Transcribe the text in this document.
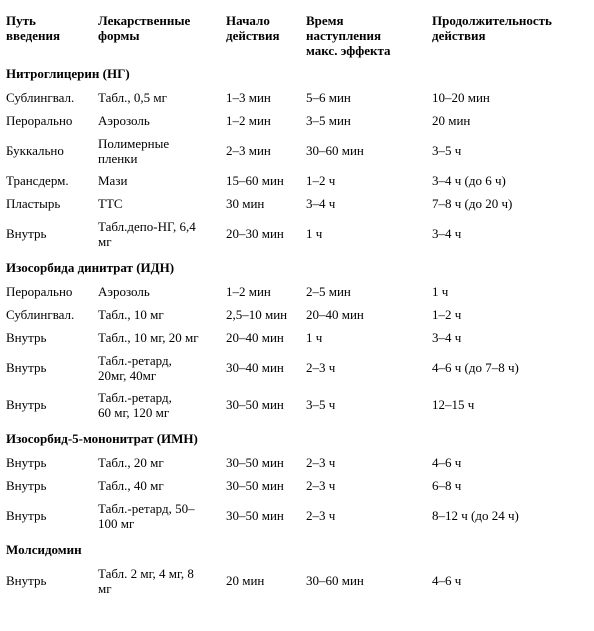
Путь
введения	Лекарственные
формы	Начало
действия	Время
наступления
макс. эффекта	Продолжительность
действия

Нитроглицерин (НГ)				

Сублингвал.	Табл., 0,5 мг	1–3 мин	5–6 мин	10–20 мин

Перорально	Аэрозоль	1–2 мин	3–5 мин	20 мин

Буккально	Полимерные
пленки	2–3 мин	30–60 мин	3–5 ч

Трансдерм.	Мази	15–60 мин	1–2 ч	3–4 ч (до 6 ч)

Пластырь	ТТС	30 мин	3–4 ч	7–8 ч (до 20 ч)

Внутрь	Табл.депо-НГ, 6,4
мг	20–30 мин	1 ч	3–4 ч

Изосорбида динитрат (ИДН)				

Перорально	Аэрозоль	1–2 мин	2–5 мин	1 ч

Сублингвал.	Табл., 10 мг	2,5–10 мин	20–40 мин	1–2 ч

Внутрь	Табл., 10 мг, 20 мг	20–40 мин	1 ч	3–4 ч

Внутрь	Табл.-ретард,
20мг, 40мг	30–40 мин	2–3 ч	4–6 ч (до 7–8 ч)

Внутрь	Табл.-ретард,
60 мг, 120 мг	30–50 мин	3–5 ч	12–15 ч

Изосорбид-5-мононитрат (ИМН)				

Внутрь	Табл., 20 мг	30–50 мин	2–3 ч	4–6 ч

Внутрь	Табл., 40 мг	30–50 мин	2–3 ч	6–8 ч

Внутрь	Табл.-ретард, 50–
100 мг	30–50 мин	2–3 ч	8–12 ч (до 24 ч)

Молсидомин				

Внутрь	Табл. 2 мг, 4 мг, 8
мг	20 мин	30–60 мин	4–6 ч
